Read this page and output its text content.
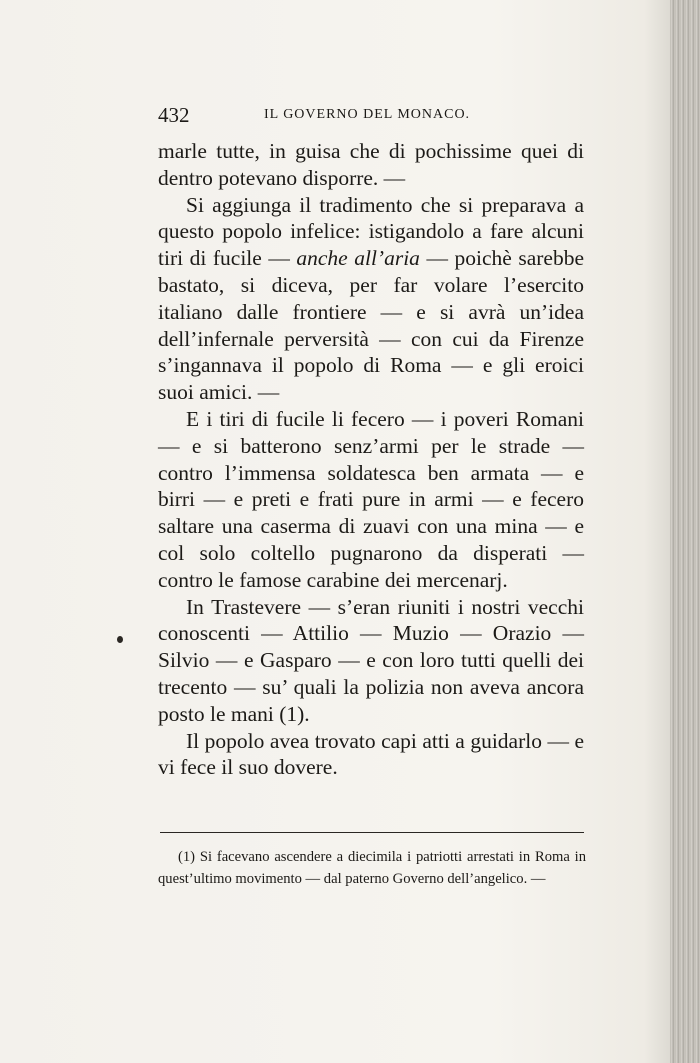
432	IL GOVERNO DEL MONACO.

marle tutte, in guisa che di pochissime quei di dentro potevano disporre. —

Si aggiunga il tradimento che si preparava a questo popolo infelice: istigandolo a fare alcuni tiri di fucile — anche all’aria — poichè sarebbe bastato, si diceva, per far volare l’esercito italiano dalle frontiere — e si avrà un’idea dell’infernale perversità — con cui da Firenze s’ingannava il popolo di Roma — e gli eroici suoi amici. —

E i tiri di fucile li fecero — i poveri Romani — e si batterono senz’armi per le strade — contro l’immensa soldatesca ben armata — e birri — e preti e frati pure in armi — e fecero saltare una caserma di zuavi con una mina — e col solo coltello pugnarono da disperati — contro le famose carabine dei mercenarj.

In Trastevere — s’eran riuniti i nostri vecchi conoscenti — Attilio — Muzio — Orazio — Silvio — e Gasparo — e con loro tutti quelli dei trecento — su’ quali la polizia non aveva ancora posto le mani (1).

Il popolo avea trovato capi atti a guidarlo — e vi fece il suo dovere.

(1) Si facevano ascendere a diecimila i patriotti arrestati in Roma in quest’ultimo movimento — dal paterno Governo dell’angelico. —
